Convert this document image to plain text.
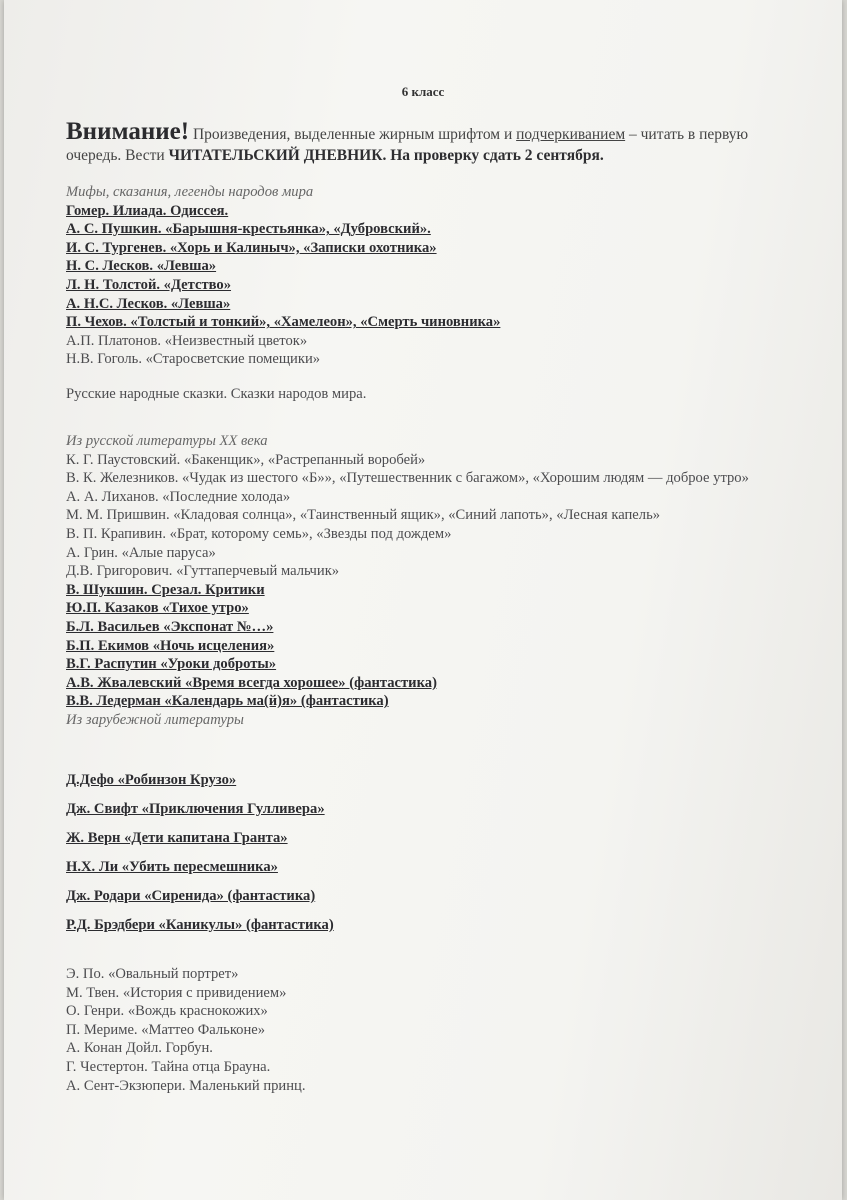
6 класс
Внимание! Произведения, выделенные жирным шрифтом и подчеркиванием – читать в первую очередь. Вести ЧИТАТЕЛЬСКИЙ ДНЕВНИК. На проверку сдать 2 сентября.
Мифы, сказания, легенды народов мира
Гомер. Илиада. Одиссея.
А. С. Пушкин. «Барышня-крестьянка», «Дубровский».
И. С. Тургенев. «Хорь и Калиныч», «Записки охотника»
Н. С. Лесков. «Левша»
Л. Н. Толстой. «Детство»
А. Н.С. Лесков. «Левша»
П. Чехов. «Толстый и тонкий», «Хамелеон», «Смерть чиновника»
А.П. Платонов. «Неизвестный цветок»
Н.В. Гоголь. «Старосветские помещики»
Русские народные сказки. Сказки народов мира.
Из русской литературы XX века
К. Г. Паустовский. «Бакенщик», «Растрепанный воробей»
В. К. Железников. «Чудак из шестого «Б»», «Путешественник с багажом», «Хорошим людям — доброе утро»
А. А. Лиханов. «Последние холода»
М. М. Пришвин. «Кладовая солнца», «Таинственный ящик», «Синий лапоть», «Лесная капель»
В. П. Крапивин. «Брат, которому семь», «Звезды под дождем»
А. Грин. «Алые паруса»
Д.В. Григорович. «Гуттаперчевый мальчик»
В. Шукшин. Срезал. Критики
Ю.П. Казаков «Тихое утро»
Б.Л. Васильев «Экспонат №…»
Б.П. Екимов «Ночь исцеления»
В.Г. Распутин «Уроки доброты»
А.В. Жвалевский «Время всегда хорошее» (фантастика)
В.В. Ледерман «Календарь ма(й)я» (фантастика)
Из зарубежной литературы
Д.Дефо «Робинзон Крузо»
Дж. Свифт «Приключения Гулливера»
Ж. Верн «Дети капитана Гранта»
Н.Х. Ли «Убить пересмешника»
Дж. Родари «Сиренида» (фантастика)
Р.Д. Брэдбери «Каникулы» (фантастика)
Э. По. «Овальный портрет»
М. Твен. «История с привидением»
О. Генри. «Вождь краснокожих»
П. Мериме. «Маттео Фальконе»
А. Конан Дойл. Горбун.
Г. Честертон. Тайна отца Брауна.
А. Сент-Экзюпери. Маленький принц.
